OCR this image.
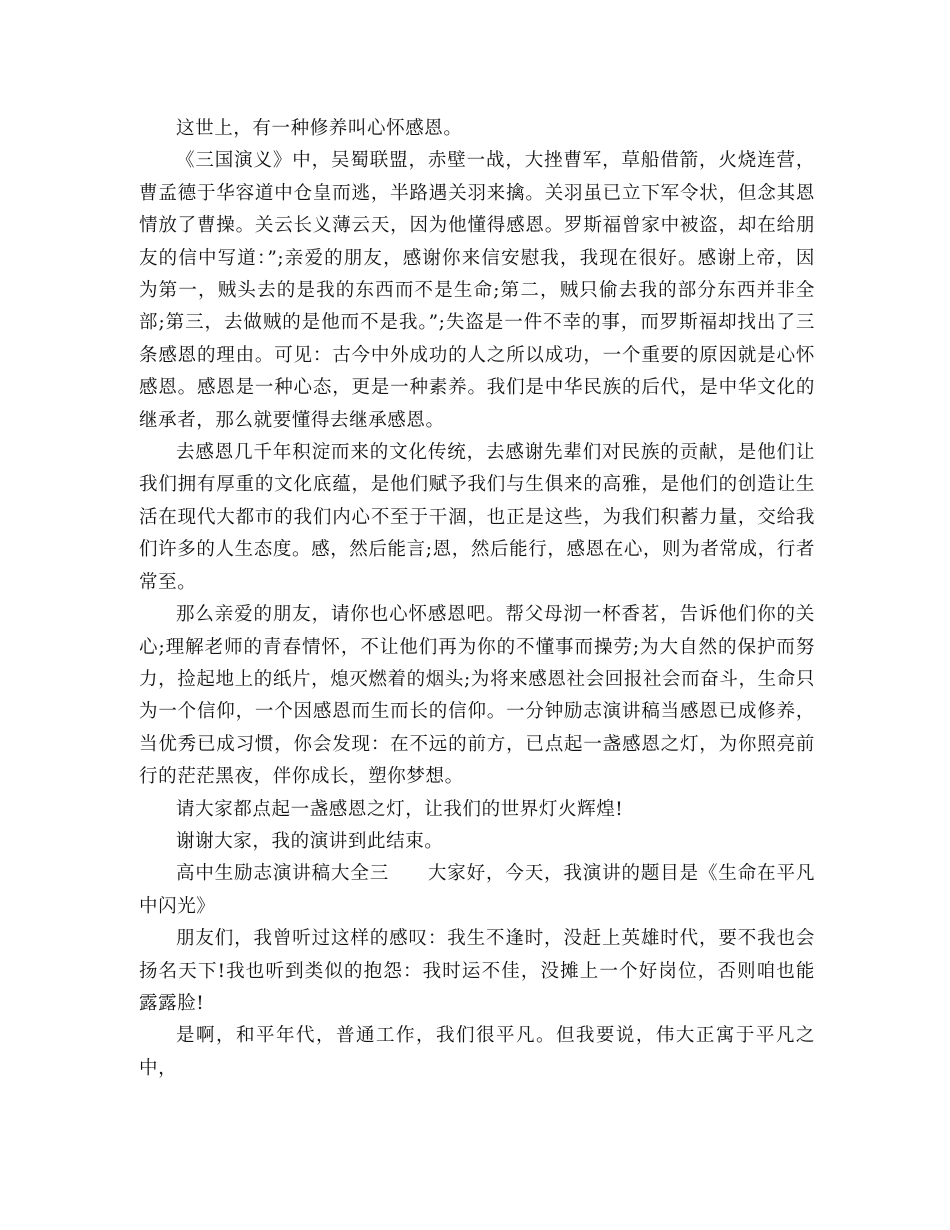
这世上，有一种修养叫心怀感恩。

《三国演义》中，吴蜀联盟，赤壁一战，大挫曹军，草船借箭，火烧连营，曹孟德于华容道中仓皇而逃，半路遇关羽来擒。关羽虽已立下军令状，但念其恩情放了曹操。关云长义薄云天，因为他懂得感恩。罗斯福曾家中被盗，却在给朋友的信中写道：”;亲爱的朋友，感谢你来信安慰我，我现在很好。感谢上帝，因为第一，贼头去的是我的东西而不是生命;第二，贼只偷去我的部分东西并非全部;第三，去做贼的是他而不是我。”;失盗是一件不幸的事，而罗斯福却找出了三条感恩的理由。可见：古今中外成功的人之所以成功，一个重要的原因就是心怀感恩。感恩是一种心态，更是一种素养。我们是中华民族的后代，是中华文化的继承者，那么就要懂得去继承感恩。

去感恩几千年积淀而来的文化传统，去感谢先辈们对民族的贡献，是他们让我们拥有厚重的文化底蕴，是他们赋予我们与生俱来的高雅，是他们的创造让生活在现代大都市的我们内心不至于干涸，也正是这些，为我们积蓄力量，交给我们许多的人生态度。感，然后能言;恩，然后能行，感恩在心，则为者常成，行者常至。

那么亲爱的朋友，请你也心怀感恩吧。帮父母沏一杯香茗，告诉他们你的关心;理解老师的青春情怀，不让他们再为你的不懂事而操劳;为大自然的保护而努力，捡起地上的纸片，熄灭燃着的烟头;为将来感恩社会回报社会而奋斗，生命只为一个信仰，一个因感恩而生而长的信仰。一分钟励志演讲稿当感恩已成修养，当优秀已成习惯，你会发现：在不远的前方，已点起一盏感恩之灯，为你照亮前行的茫茫黑夜，伴你成长，塑你梦想。

请大家都点起一盏感恩之灯，让我们的世界灯火辉煌!

谢谢大家，我的演讲到此结束。

高中生励志演讲稿大全三　　大家好，今天，我演讲的题目是《生命在平凡中闪光》

朋友们，我曾听过这样的感叹：我生不逢时，没赶上英雄时代，要不我也会扬名天下!我也听到类似的抱怨：我时运不佳，没摊上一个好岗位，否则咱也能露露脸!

是啊，和平年代，普通工作，我们很平凡。但我要说，伟大正寓于平凡之中，
